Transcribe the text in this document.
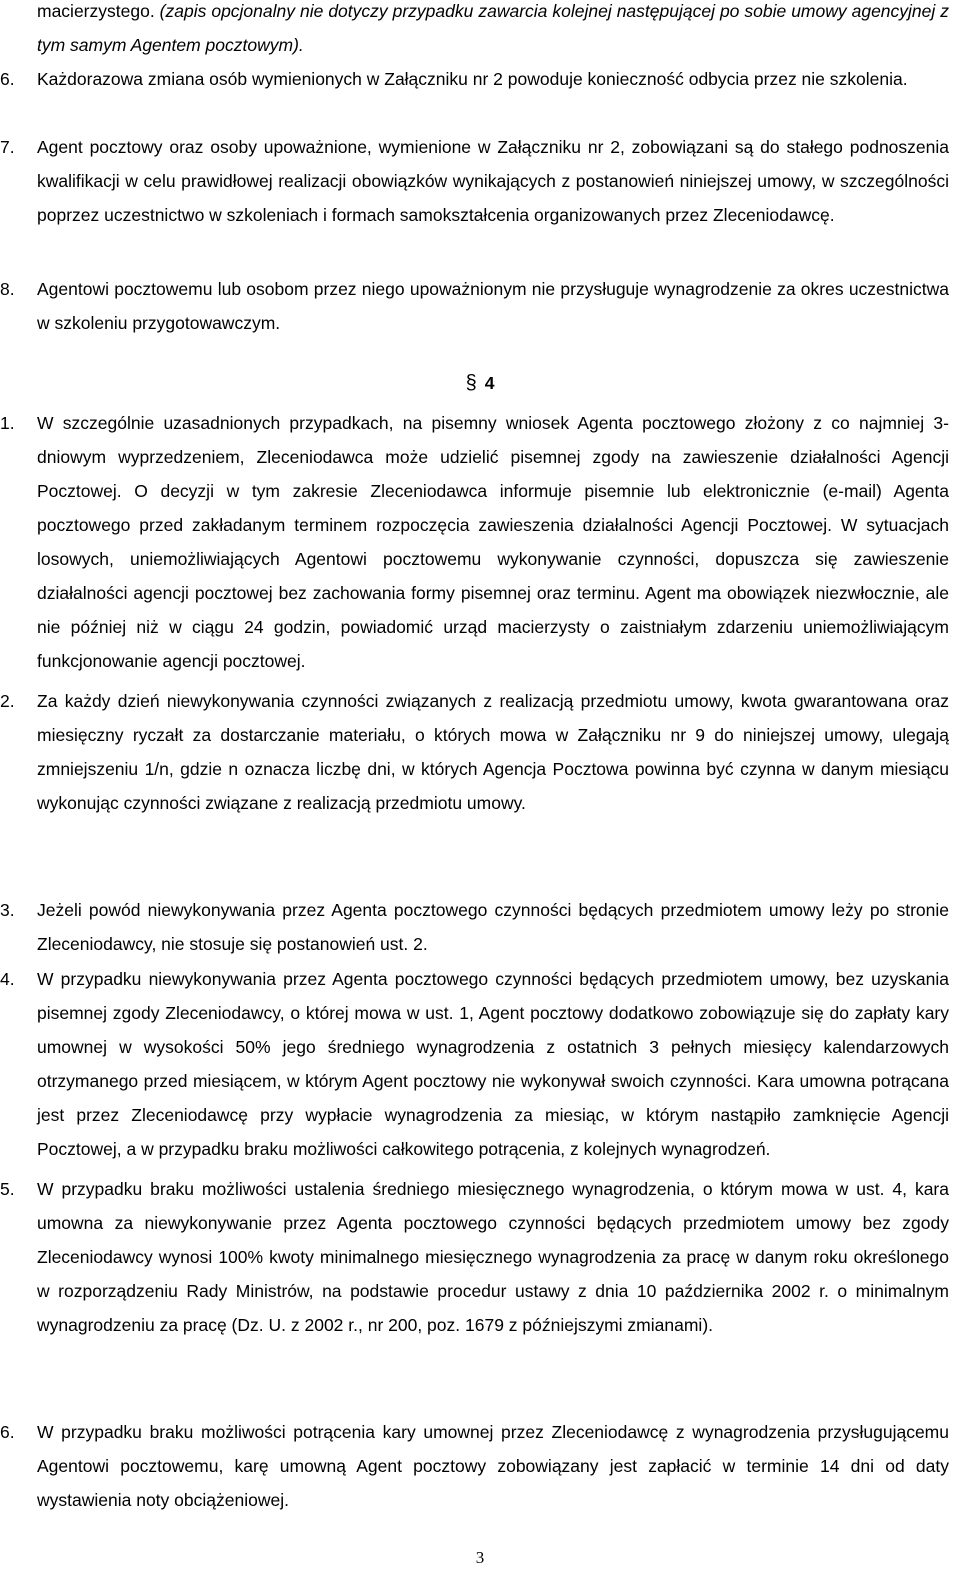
macierzystego. (zapis opcjonalny nie dotyczy przypadku zawarcia kolejnej następującej po sobie umowy agencyjnej z tym samym Agentem pocztowym).
6.	Każdorazowa zmiana osób wymienionych w Załączniku nr 2 powoduje konieczność odbycia przez nie szkolenia.
7.	Agent pocztowy oraz osoby upoważnione, wymienione w Załączniku nr 2, zobowiązani są do stałego podnoszenia kwalifikacji w celu prawidłowej realizacji obowiązków wynikających z postanowień niniejszej umowy, w szczególności poprzez uczestnictwo w szkoleniach i formach samokształcenia organizowanych przez Zleceniodawcę.
8.	Agentowi pocztowemu lub osobom przez niego upoważnionym nie przysługuje wynagrodzenie za okres uczestnictwa w szkoleniu przygotowawczym.
§ 4
1.	W szczególnie uzasadnionych przypadkach, na pisemny wniosek Agenta pocztowego złożony z co najmniej 3-dniowym wyprzedzeniem, Zleceniodawca może udzielić pisemnej zgody na zawieszenie działalności Agencji Pocztowej. O decyzji w tym zakresie Zleceniodawca informuje pisemnie lub elektronicznie (e-mail) Agenta pocztowego przed zakładanym terminem rozpoczęcia zawieszenia działalności Agencji Pocztowej. W sytuacjach losowych, uniemożliwiających Agentowi pocztowemu wykonywanie czynności, dopuszcza się zawieszenie działalności agencji pocztowej bez zachowania formy pisemnej oraz terminu. Agent ma obowiązek niezwłocznie, ale nie później niż w ciągu 24 godzin, powiadomić urząd macierzysty o zaistniałym zdarzeniu uniemożliwiającym funkcjonowanie agencji pocztowej.
2.	Za każdy dzień niewykonywania czynności związanych z realizacją przedmiotu umowy, kwota gwarantowana oraz miesięczny ryczałt za dostarczanie materiału, o których mowa w Załączniku nr 9 do niniejszej umowy, ulegają zmniejszeniu 1/n, gdzie n oznacza liczbę dni, w których Agencja Pocztowa powinna być czynna w danym miesiącu wykonując czynności związane z realizacją przedmiotu umowy.
3.	Jeżeli powód niewykonywania przez Agenta pocztowego czynności będących przedmiotem umowy leży po stronie Zleceniodawcy, nie stosuje się postanowień ust. 2.
4.	W przypadku niewykonywania przez Agenta pocztowego czynności będących przedmiotem umowy, bez uzyskania pisemnej zgody Zleceniodawcy, o której mowa w ust. 1, Agent pocztowy dodatkowo zobowiązuje się do zapłaty kary umownej w wysokości 50% jego średniego wynagrodzenia z ostatnich 3 pełnych miesięcy kalendarzowych otrzymanego przed miesiącem, w którym Agent pocztowy nie wykonywał swoich czynności. Kara umowna potrącana jest przez Zleceniodawcę przy wypłacie wynagrodzenia za miesiąc, w którym nastąpiło zamknięcie Agencji Pocztowej, a w przypadku braku możliwości całkowitego potrącenia, z kolejnych wynagrodzeń.
5.	W przypadku braku możliwości ustalenia średniego miesięcznego wynagrodzenia, o którym mowa w ust. 4, kara umowna za niewykonywanie przez Agenta pocztowego czynności będących przedmiotem umowy bez zgody Zleceniodawcy wynosi 100% kwoty minimalnego miesięcznego wynagrodzenia za pracę w danym roku określonego w rozporządzeniu Rady Ministrów, na podstawie procedur ustawy z dnia 10 października 2002 r. o minimalnym wynagrodzeniu za pracę (Dz. U. z 2002 r., nr 200, poz. 1679 z późniejszymi zmianami).
6.	W przypadku braku możliwości potrącenia kary umownej przez Zleceniodawcę z wynagrodzenia przysługującemu Agentowi pocztowemu, karę umowną Agent pocztowy zobowiązany jest zapłacić w terminie 14 dni od daty wystawienia noty obciążeniowej.
3
